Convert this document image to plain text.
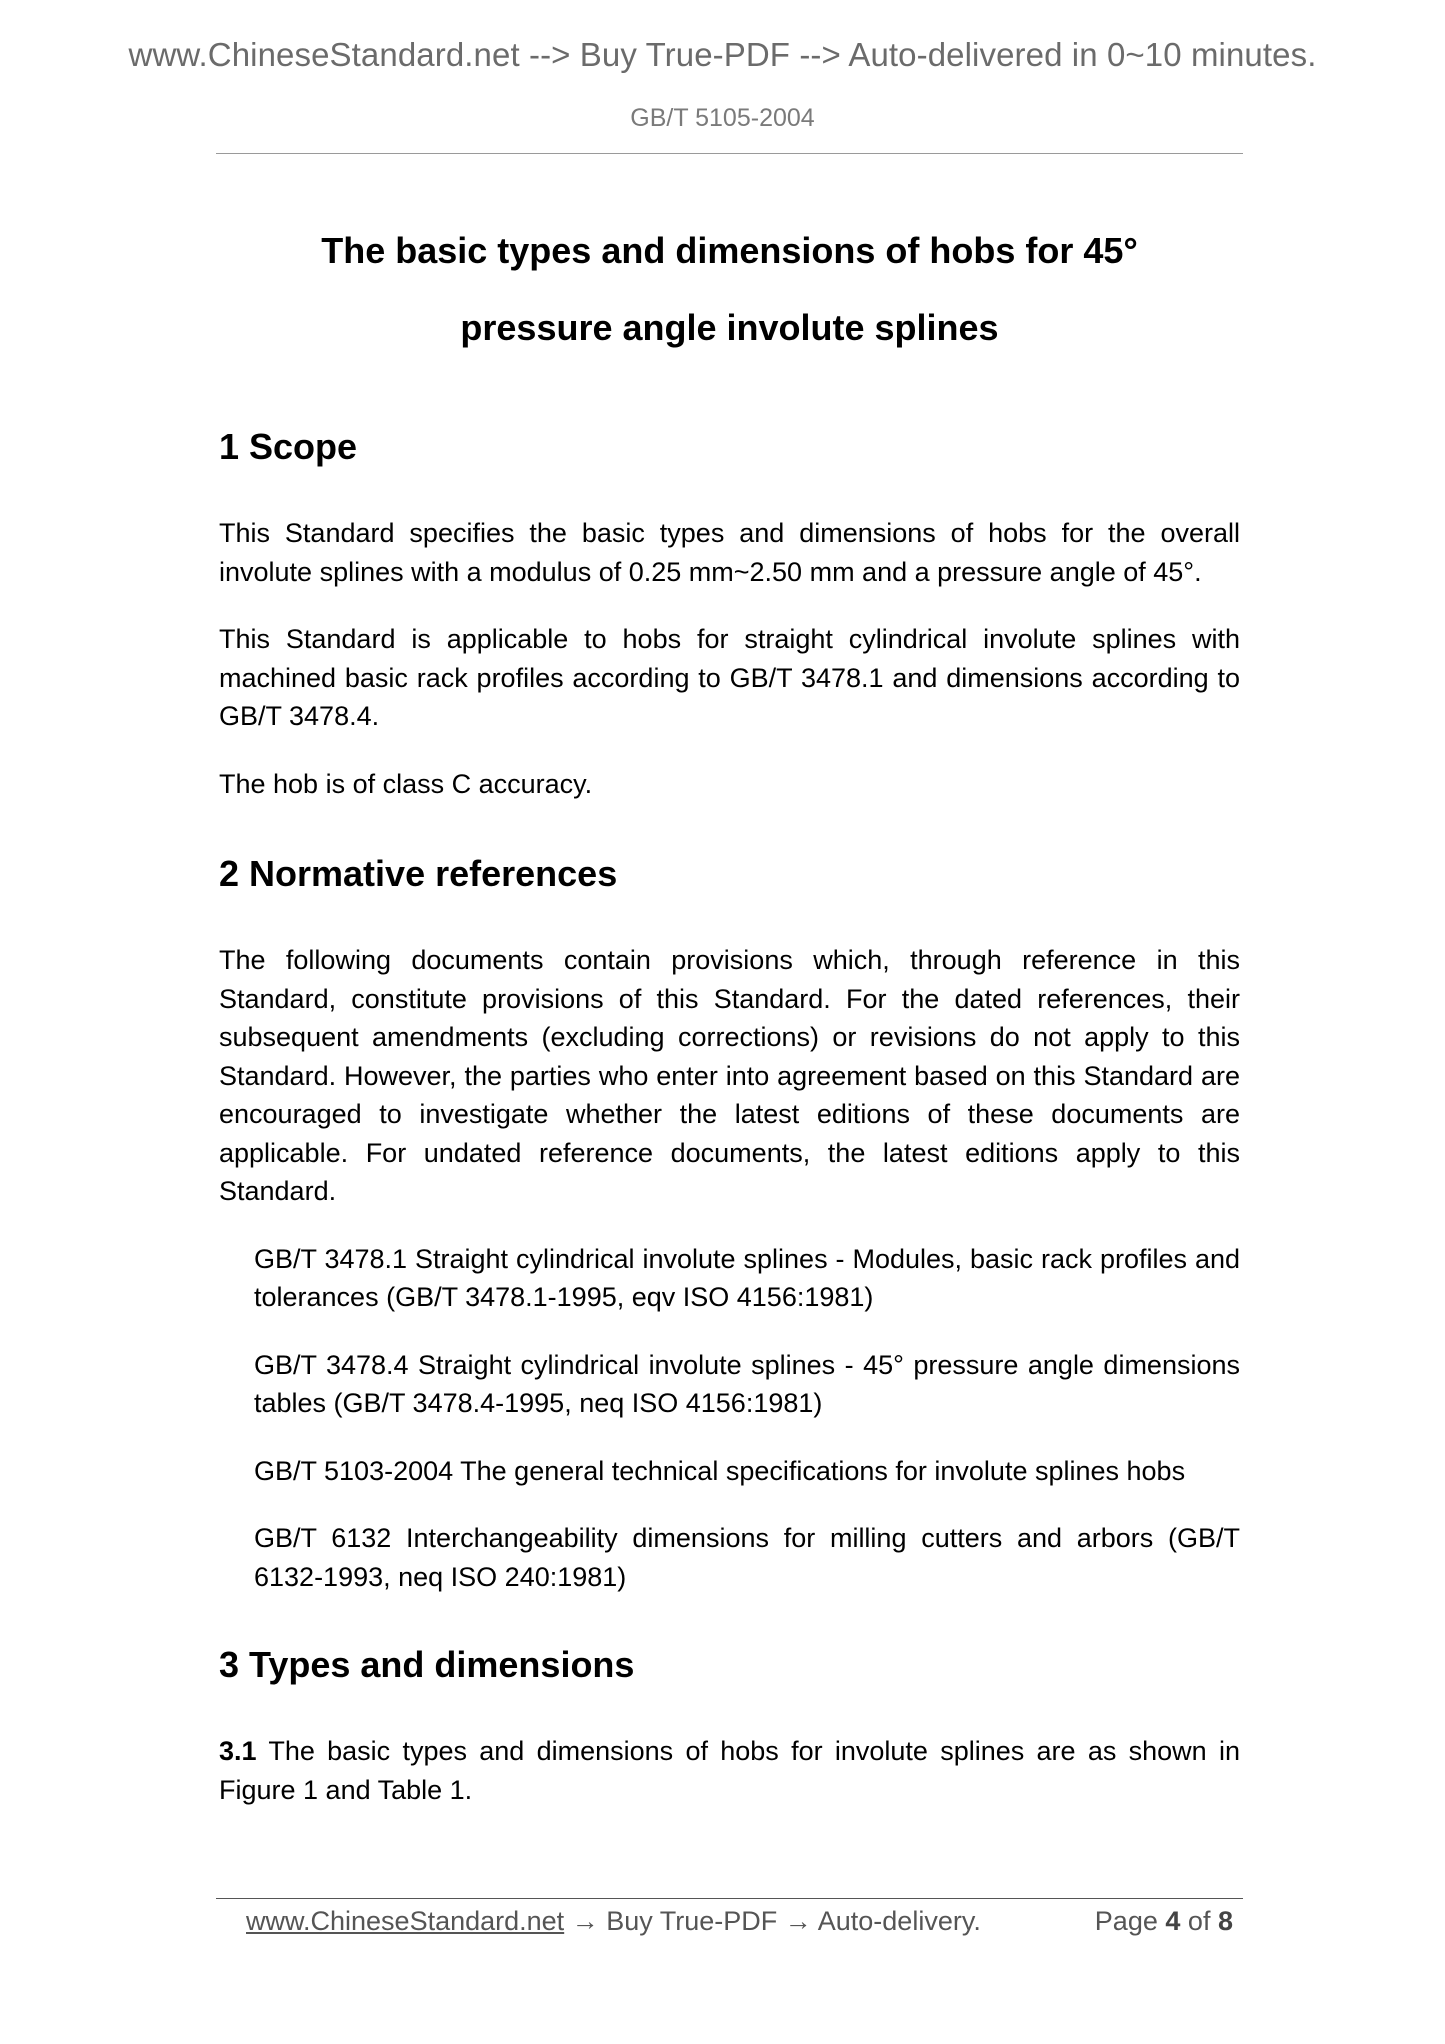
www.ChineseStandard.net --> Buy True-PDF --> Auto-delivered in 0~10 minutes.
GB/T 5105-2004
The basic types and dimensions of hobs for 45°
pressure angle involute splines
1 Scope

This Standard specifies the basic types and dimensions of hobs for the overall involute splines with a modulus of 0.25 mm~2.50 mm and a pressure angle of 45°.

This Standard is applicable to hobs for straight cylindrical involute splines with machined basic rack profiles according to GB/T 3478.1 and dimensions according to GB/T 3478.4.

The hob is of class C accuracy.

2 Normative references

The following documents contain provisions which, through reference in this Standard, constitute provisions of this Standard. For the dated references, their subsequent amendments (excluding corrections) or revisions do not apply to this Standard. However, the parties who enter into agreement based on this Standard are encouraged to investigate whether the latest editions of these documents are applicable. For undated reference documents, the latest editions apply to this Standard.

GB/T 3478.1 Straight cylindrical involute splines - Modules, basic rack profiles and tolerances (GB/T 3478.1-1995, eqv ISO 4156:1981)

GB/T 3478.4 Straight cylindrical involute splines - 45° pressure angle dimensions tables (GB/T 3478.4-1995, neq ISO 4156:1981)

GB/T 5103-2004 The general technical specifications for involute splines hobs

GB/T 6132 Interchangeability dimensions for milling cutters and arbors (GB/T 6132-1993, neq ISO 240:1981)

3 Types and dimensions

3.1 The basic types and dimensions of hobs for involute splines are as shown in Figure 1 and Table 1.

www.ChineseStandard.net → Buy True-PDF → Auto-delivery.	Page 4 of 8
